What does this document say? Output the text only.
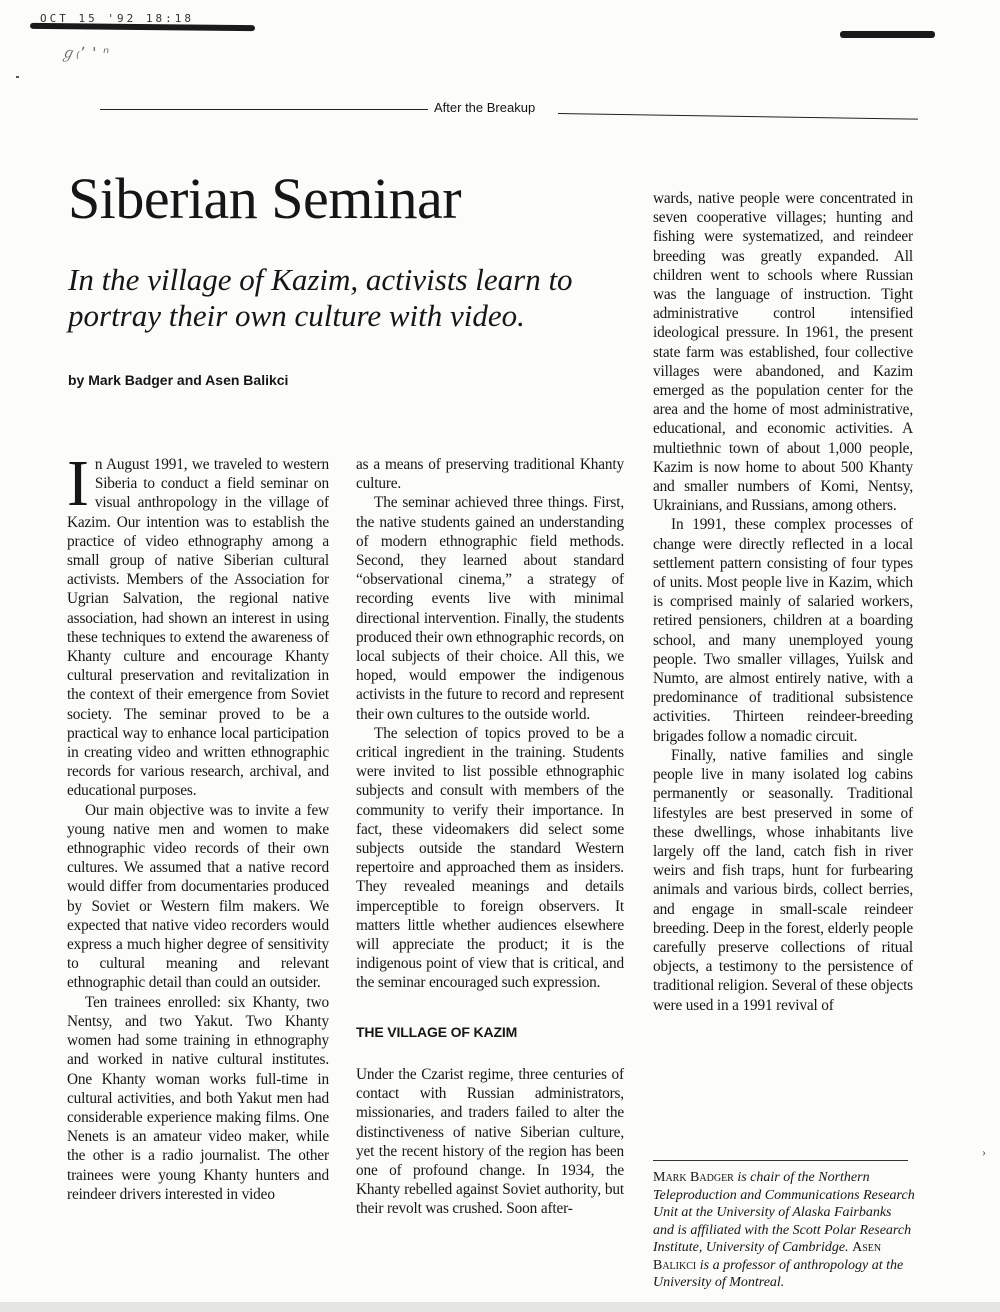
OCT 15 '92 18:18
ℊ₍ʼ ' ⁿ
After the Breakup
Siberian Seminar

In the village of Kazim, activists learn to portray their own culture with video.

by Mark Badger and Asen Balikci

In August 1991, we traveled to western Siberia to conduct a field seminar on visual anthropology in the village of Kazim. Our intention was to establish the practice of video ethnography among a small group of native Siberian cultural activists. Members of the Association for Ugrian Salvation, the regional native association, had shown an interest in using these techniques to extend the awareness of Khanty culture and encourage Khanty cultural preservation and revitalization in the context of their emergence from Soviet society. The seminar proved to be a practical way to enhance local participation in creating video and written ethnographic records for various research, archival, and educational purposes.

Our main objective was to invite a few young native men and women to make ethnographic video records of their own cultures. We assumed that a native record would differ from documentaries produced by Soviet or Western film makers. We expected that native video recorders would express a much higher degree of sensitivity to cultural meaning and relevant ethnographic detail than could an outsider.

Ten trainees enrolled: six Khanty, two Nentsy, and two Yakut. Two Khanty women had some training in ethnography and worked in native cultural institutes. One Khanty woman works full-time in cultural activities, and both Yakut men had considerable experience making films. One Nenets is an amateur video maker, while the other is a radio journalist. The other trainees were young Khanty hunters and reindeer drivers interested in video

as a means of preserving traditional Khanty culture.

The seminar achieved three things. First, the native students gained an understanding of modern ethnographic field methods. Second, they learned about standard “observational cinema,” a strategy of recording events live with minimal directional intervention. Finally, the students produced their own ethnographic records, on local subjects of their choice. All this, we hoped, would empower the indigenous activists in the future to record and represent their own cultures to the outside world.

The selection of topics proved to be a critical ingredient in the training. Students were invited to list possible ethnographic subjects and consult with members of the community to verify their importance. In fact, these videomakers did select some subjects outside the standard Western repertoire and approached them as insiders. They revealed meanings and details imperceptible to foreign observers. It matters little whether audiences elsewhere will appreciate the product; it is the indigenous point of view that is critical, and the seminar encouraged such expression.

THE VILLAGE OF KAZIM

Under the Czarist regime, three centuries of contact with Russian administrators, missionaries, and traders failed to alter the distinctiveness of native Siberian culture, yet the recent history of the region has been one of profound change. In 1934, the Khanty rebelled against Soviet authority, but their revolt was crushed. Soon after-

wards, native people were concentrated in seven cooperative villages; hunting and fishing were systematized, and reindeer breeding was greatly expanded. All children went to schools where Russian was the language of instruction. Tight administrative control intensified ideological pressure. In 1961, the present state farm was established, four collective villages were abandoned, and Kazim emerged as the population center for the area and the home of most administrative, educational, and economic activities. A multiethnic town of about 1,000 people, Kazim is now home to about 500 Khanty and smaller numbers of Komi, Nentsy, Ukrainians, and Russians, among others.

In 1991, these complex processes of change were directly reflected in a local settlement pattern consisting of four types of units. Most people live in Kazim, which is comprised mainly of salaried workers, retired pensioners, children at a boarding school, and many unemployed young people. Two smaller villages, Yuilsk and Numto, are almost entirely native, with a predominance of traditional subsistence activities. Thirteen reindeer-breeding brigades follow a nomadic circuit.

Finally, native families and single people live in many isolated log cabins permanently or seasonally. Traditional lifestyles are best preserved in some of these dwellings, whose inhabitants live largely off the land, catch fish in river weirs and fish traps, hunt for furbearing animals and various birds, collect berries, and engage in small-scale reindeer breeding. Deep in the forest, elderly people carefully preserve collections of ritual objects, a testimony to the persistence of traditional religion. Several of these objects were used in a 1991 revival of

Mark Badger is chair of the Northern Teleproduction and Communications Research Unit at the University of Alaska Fairbanks and is affiliated with the Scott Polar Research Institute, University of Cambridge. Asen Balikci is a professor of anthropology at the University of Montreal.
›
